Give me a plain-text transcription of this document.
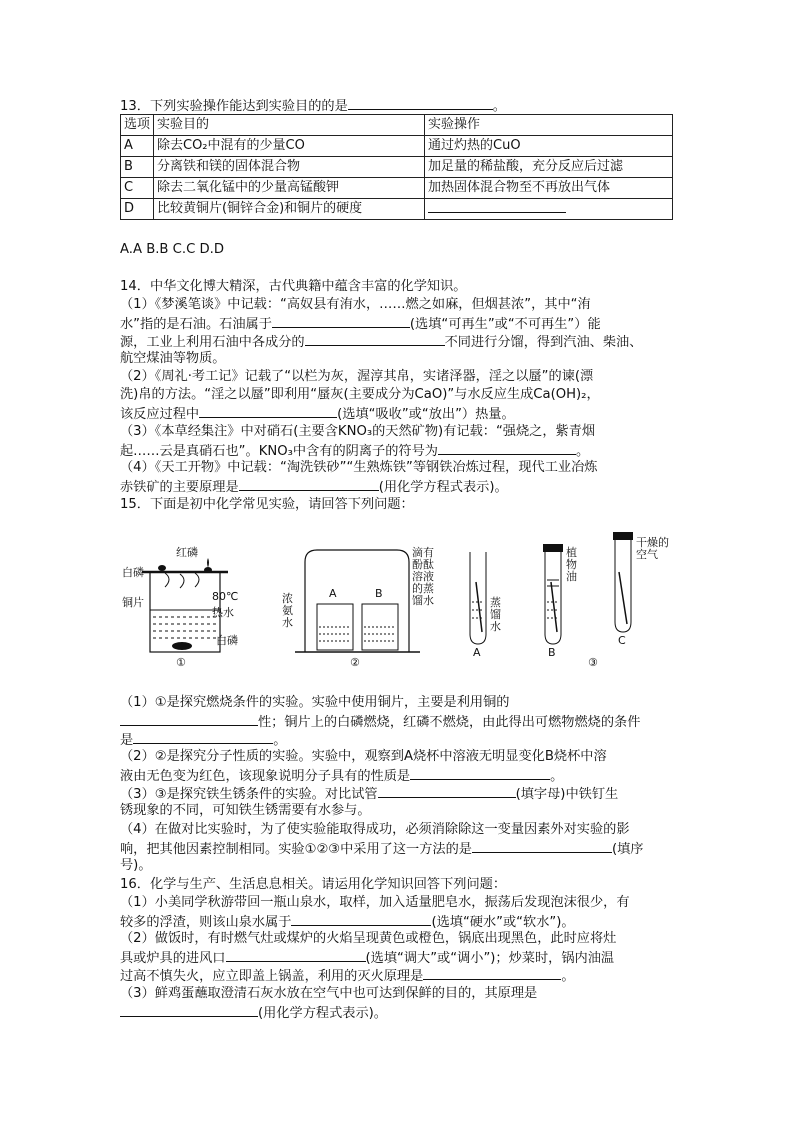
13．下列实验操作能达到实验目的的是	。
选项	实验目的	实验操作
A	除去CO₂中混有的少量CO	通过灼热的CuO
B	分离铁和镁的固体混合物	加足量的稀盐酸，充分反应后过滤
C	除去二氧化锰中的少量高锰酸钾	加热固体混合物至不再放出气体
D	比较黄铜片(铜锌合金)和铜片的硬度	
A.A B.B C.C D.D
14．中华文化博大精深，古代典籍中蕴含丰富的化学知识。
（1）《梦溪笔谈》中记载：“高奴县有洧水，……燃之如麻，但烟甚浓”，其中“洧
水”指的是石油。石油属于	(选填“可再生”或“不可再生”）能
源，工业上利用石油中各成分的	不同进行分馏，得到汽油、柴油、
航空煤油等物质。
（2）《周礼·考工记》记载了“以栏为灰，渥淳其帛，实诸泽器，淫之以蜃”的谏(漂
洗)帛的方法。“淫之以蜃”即利用“蜃灰(主要成分为CaO)”与水反应生成Ca(OH)₂，
该反应过程中	(选填“吸收”或“放出”）热量。
（3）《本草经集注》中对硝石(主要含KNO₃的天然矿物)有记载：“强烧之，紫青烟
起……云是真硝石也”。KNO₃中含有的阴离子的符号为	。
（4）《天工开物》中记载：“淘洗铁砂”“生熟炼铁”等钢铁冶炼过程，现代工业冶炼
赤铁矿的主要原理是	(用化学方程式表示)。
15．下面是初中化学常见实验，请回答下列问题：
红磷
白磷
铜片	80℃
热水
白磷
①
A	B
浓氨水
滴有酚酞溶液的蒸馏水
②
蒸馏水
植物油
干燥的空气
A	B
C
③
（1）①是探究燃烧条件的实验。实验中使用铜片，主要是利用铜的
性；铜片上的白磷燃烧，红磷不燃烧，由此得出可燃物燃烧的条件
是	。
（2）②是探究分子性质的实验。实验中，观察到A烧杯中溶液无明显变化B烧杯中溶
液由无色变为红色，该现象说明分子具有的性质是	。
（3）③是探究铁生锈条件的实验。对比试管	(填字母)中铁钉生
锈现象的不同，可知铁生锈需要有水参与。
（4）在做对比实验时，为了使实验能取得成功，必须消除除这一变量因素外对实验的影
响，把其他因素控制相同。实验①②③中采用了这一方法的是	(填序
号)。
16．化学与生产、生活息息相关。请运用化学知识回答下列问题：
（1）小美同学秋游带回一瓶山泉水，取样，加入适量肥皂水，振荡后发现泡沫很少，有
较多的浮渣，则该山泉水属于	(选填“硬水”或“软水”)。
（2）做饭时，有时燃气灶或煤炉的火焰呈现黄色或橙色，锅底出现黑色，此时应将灶
具或炉具的进风口	(选填“调大”或“调小”)；炒菜时，锅内油温
过高不慎失火，应立即盖上锅盖，利用的灭火原理是	。
（3）鲜鸡蛋蘸取澄清石灰水放在空气中也可达到保鲜的目的，其原理是
(用化学方程式表示)。
